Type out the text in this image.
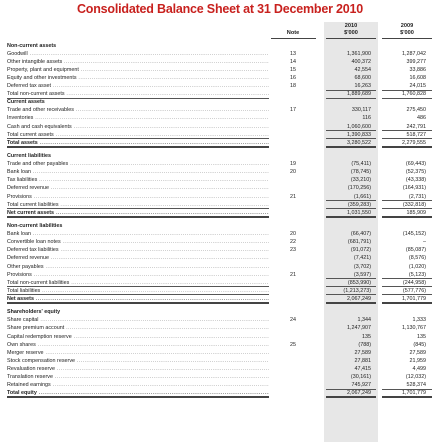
Consolidated Balance Sheet at 31 December 2010
2010
$'000
2009
$'000
Note
Non-current assets
Goodwill .....	13	1,361,900	1,287,042
Other intangible assets .....	14	400,372	399,277
Property, plant and equipment .....	15	42,554	33,886
Equity and other investments .....	16	68,600	16,608
Deferred tax asset .....	18	16,263	24,015
Total non-current assets .....	1,889,689	1,760,828
Current assets
Trade and other receivables .....	17	330,117	275,450
Inventories .....	116	486
Cash and cash equivalents .....	1,060,600	242,791
Total current assets .....	1,390,833	518,727
Total assets .....	3,280,522	2,279,555
Current liabilities
Trade and other payables .....	19	(75,411)	(69,443)
Bank loan .....	20	(78,745)	(52,375)
Tax liabilities .....	(33,210)	(43,338)
Deferred revenue .....	(170,256)	(164,931)
Provisions .....	21	(1,661)	(2,731)
Total current liabilities .....	(359,283)	(332,818)
Net current assets .....	1,031,550	185,909
Non-current liabilities
Bank loan .....	20	(66,407)	(145,152)
Convertible loan notes .....	22	(681,791)	–
Deferred tax liabilities .....	23	(91,072)	(85,087)
Deferred revenue .....	(7,421)	(8,576)
Other payables .....	(3,702)	(1,020)
Provisions .....	21	(3,597)	(5,123)
Total non-current liabilities .....	(853,990)	(244,958)
Total liabilities .....	(1,213,273)	(577,776)
Net assets .....	2,067,249	1,701,779
Shareholders' equity
Share capital .....	24	1,344	1,333
Share premium account .....	1,247,907	1,130,767
Capital redemption reserve .....	135	135
Own shares .....	25	(788)	(845)
Merger reserve .....	27,589	27,589
Stock compensation reserve .....	27,881	21,959
Revaluation reserve .....	47,415	4,499
Translation reserve .....	(30,161)	(12,032)
Retained earnings .....	745,927	528,374
Total equity .....	2,067,249	1,701,779
